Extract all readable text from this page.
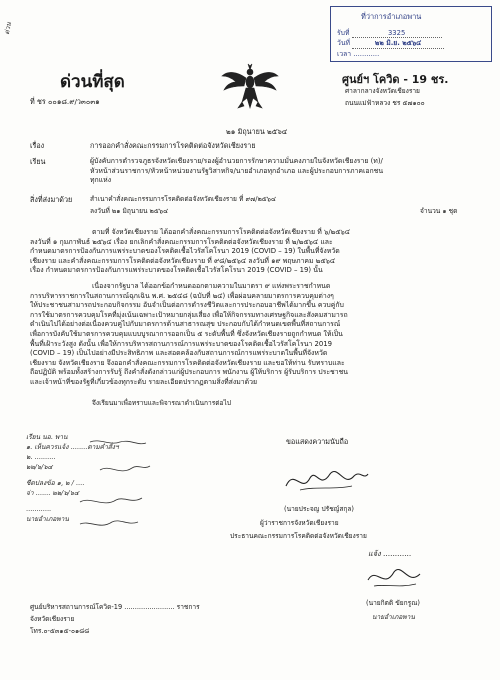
ด่วน
ที่ว่าการอำเภอพาน
รับที่	3325
วันที่	๒๒ มิ.ย. ๒๕๖๔
เวลา ............
ด่วนที่สุด
ที่ ชร ๐๐๑๘.๙/ว๓๐๓๑
ศูนย์ฯ โควิด - 19 ชร.
ศาลากลางจังหวัดเชียงราย
ถนนแม่ฟ้าหลวง ชร ๕๗๑๐๐
๒๑ มิถุนายน ๒๕๖๔
เรื่อง	การออกคำสั่งคณะกรรมการโรคติดต่อจังหวัดเชียงราย
เรียน	ผู้บังคับการตำรวจภูธรจังหวัดเชียงราย/รองผู้อำนวยการรักษาความมั่นคงภายในจังหวัดเชียงราย (ท)/
หัวหน้าส่วนราชการ/หัวหน้าหน่วยงานรัฐวิสาหกิจ/นายอำเภอทุกอำเภอ และผู้ประกอบการภาคเอกชน
ทุกแห่ง
สิ่งที่ส่งมาด้วย	สำเนาคำสั่งคณะกรรมการโรคติดต่อจังหวัดเชียงราย ที่ ๙๗/๒๕๖๔
ลงวันที่ ๒๑ มิถุนายน ๒๕๖๔	จำนวน ๑ ชุด
ตามที่ จังหวัดเชียงราย ได้ออกคำสั่งคณะกรรมการโรคติดต่อจังหวัดเชียงราย ที่ ๖/๒๕๖๔
ลงวันที่ ๑ กุมภาพันธ์ ๒๕๖๔ เรื่อง ยกเลิกคำสั่งคณะกรรมการโรคติดต่อจังหวัดเชียงราย ที่ ๒/๒๕๖๔ และ
กำหนดมาตรการป้องกันการแพร่ระบาดของโรคติดเชื้อไวรัสโคโรนา 2019 (COVID – 19) ในพื้นที่จังหวัด
เชียงราย และคำสั่งคณะกรรมการโรคติดต่อจังหวัดเชียงราย ที่ ๙๘/๒๕๖๔ ลงวันที่ ๑๙ พฤษภาคม ๒๕๖๔
เรื่อง กำหนดมาตรการป้องกันการแพร่ระบาดของโรคติดเชื้อไวรัสโคโรนา 2019 (COVID – 19) นั้น
เนื่องจากรัฐบาล ได้ออกข้อกำหนดออกตามความในมาตรา ๙ แห่งพระราชกำหนด
การบริหารราชการในสถานการณ์ฉุกเฉิน พ.ศ. ๒๕๔๘ (ฉบับที่ ๒๔) เพื่อผ่อนคลายมาตรการควบคุมต่างๆ
ให้ประชาชนสามารถประกอบกิจกรรม อันจำเป็นต่อการดำรงชีวิตและการประกอบอาชีพได้มากขึ้น ควบคู่กับ
การใช้มาตรการควบคุมโรคที่มุ่งเน้นเฉพาะเป้าหมายกลุ่มเสี่ยง เพื่อให้กิจกรรมทางเศรษฐกิจและสังคมสามารถ
ดำเนินไปได้อย่างต่อเนื่องควบคู่ไปกับมาตรการด้านสาธารณสุข ประกอบกับได้กำหนดเขตพื้นที่สถานการณ์
เพื่อการบังคับใช้มาตรการควบคุมแบบบูรณาการออกเป็น ๕ ระดับพื้นที่ ซึ่งจังหวัดเชียงรายถูกกำหนด ให้เป็น
พื้นที่เฝ้าระวังสูง ดังนั้น เพื่อให้การบริหารสถานการณ์การแพร่ระบาดของโรคติดเชื้อไวรัสโคโรนา 2019
(COVID – 19) เป็นไปอย่างมีประสิทธิภาพ และสอดคล้องกับสถานการณ์การแพร่ระบาดในพื้นที่จังหวัด
เชียงราย จังหวัดเชียงราย จึงออกคำสั่งคณะกรรมการโรคติดต่อจังหวัดเชียงราย และขอให้ท่าน รับทราบและ
ถือปฏิบัติ พร้อมทั้งสร้างการรับรู้ ถึงคำสั่งดังกล่าวแก่ผู้ประกอบการ พนักงาน ผู้ให้บริการ ผู้รับบริการ ประชาชน
และเจ้าหน้าที่ของรัฐที่เกี่ยวข้องทุกระดับ รายละเอียดปรากฏตามสิ่งที่ส่งมาด้วย
จึงเรียนมาเพื่อทราบและพิจารณาดำเนินการต่อไป
เรียน นอ. พาน
๑. เห็นควรแจ้ง ........ตามคำสั่งฯ
๒. ..........
๒๒/๖/๖๔
ชีดปลงข้อ ๑, ๒ / ....
จ่า ....... ๒๒/๖/๖๔
............
นายอำเภอพาน
ขอแสดงความนับถือ
(นายประจญ ปรัชญ์สกุล)
ผู้ว่าราชการจังหวัดเชียงราย
ประธานคณะกรรมการโรคติดต่อจังหวัดเชียงราย
แจ้ง ............
(นายกิตติ ขัยกรูณ)
นายอำเภอพาน
ศูนย์บริหารสถานการณ์โควิด-19 ........................ ราชการ
จังหวัดเชียงราย
โทร.๐-๕๓๑๕-๐๑๘๘
